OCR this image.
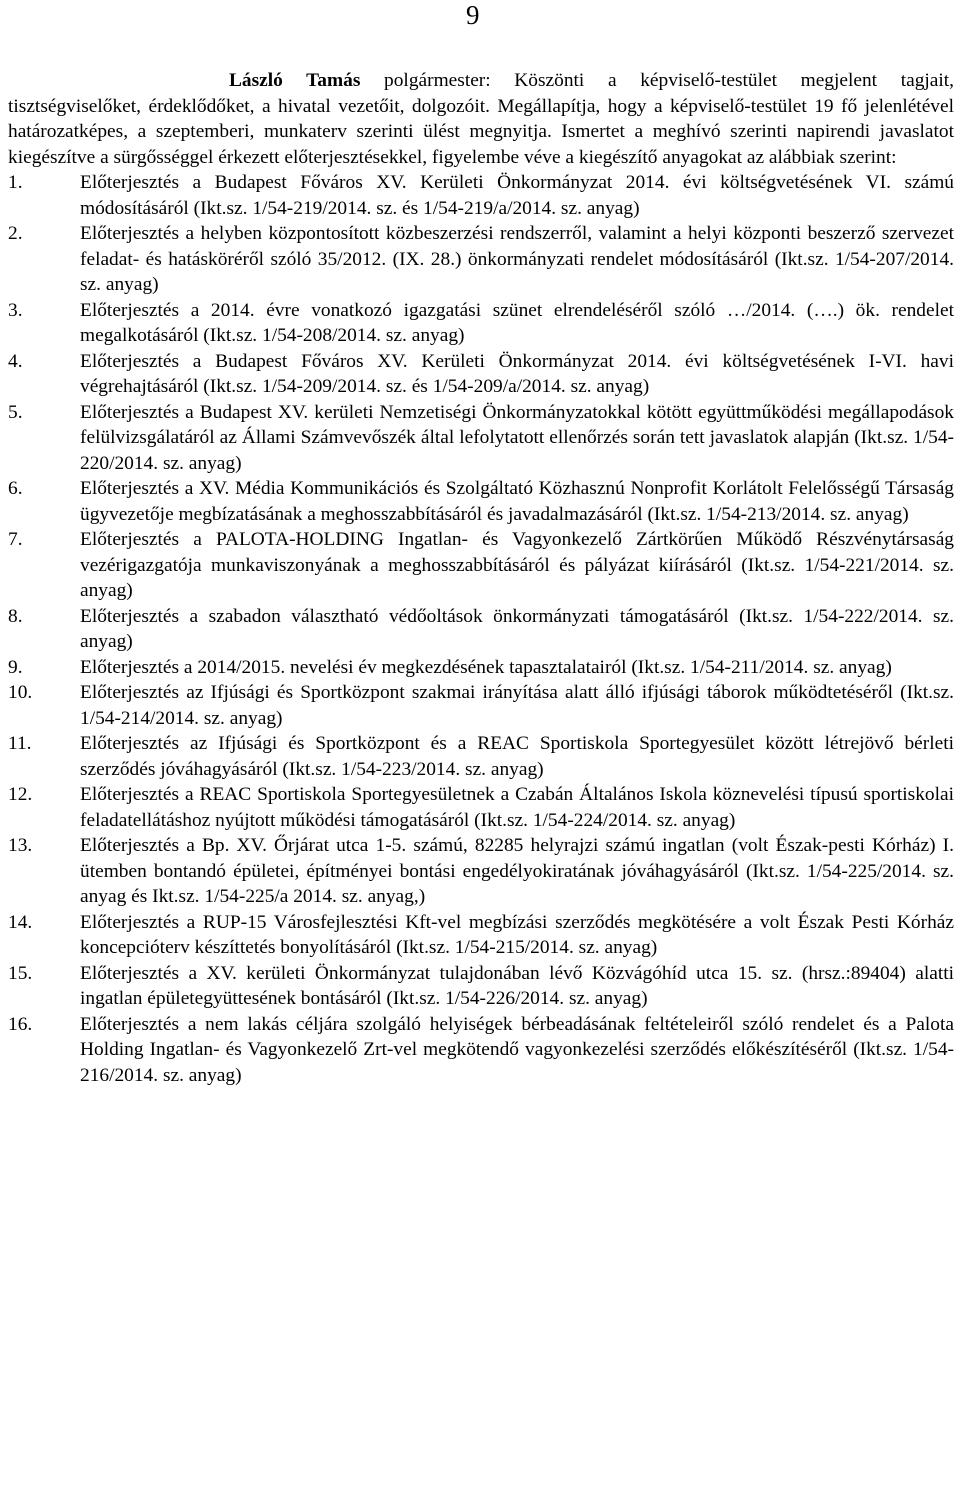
9

László Tamás polgármester: Köszönti a képviselő-testület megjelent tagjait, tisztségviselőket, érdeklődőket, a hivatal vezetőit, dolgozóit. Megállapítja, hogy a képviselő-testület 19 fő jelenlétével határozatképes, a szeptemberi, munkaterv szerinti ülést megnyitja. Ismertet a meghívó szerinti napirendi javaslatot kiegészítve a sürgősséggel érkezett előterjesztésekkel, figyelembe véve a kiegészítő anyagokat az alábbiak szerint:

1.	Előterjesztés a Budapest Főváros XV. Kerületi Önkormányzat 2014. évi költségvetésének VI. számú módosításáról (Ikt.sz. 1/54-219/2014. sz. és 1/54-219/a/2014. sz. anyag)
2.	Előterjesztés a helyben központosított közbeszerzési rendszerről, valamint a helyi központi beszerző szervezet feladat- és hatásköréről szóló 35/2012. (IX. 28.) önkormányzati rendelet módosításáról (Ikt.sz. 1/54-207/2014. sz. anyag)
3.	Előterjesztés a 2014. évre vonatkozó igazgatási szünet elrendeléséről szóló …/2014. (….) ök. rendelet megalkotásáról (Ikt.sz. 1/54-208/2014. sz. anyag)
4.	Előterjesztés a Budapest Főváros XV. Kerületi Önkormányzat 2014. évi költségvetésének I-VI. havi végrehajtásáról (Ikt.sz. 1/54-209/2014. sz. és 1/54-209/a/2014. sz. anyag)
5.	Előterjesztés a Budapest XV. kerületi Nemzetiségi Önkormányzatokkal kötött együttműködési megállapodások felülvizsgálatáról az Állami Számvevőszék által lefolytatott ellenőrzés során tett javaslatok alapján (Ikt.sz. 1/54-220/2014. sz. anyag)
6.	Előterjesztés a XV. Média Kommunikációs és Szolgáltató Közhasznú Nonprofit Korlátolt Felelősségű Társaság ügyvezetője megbízatásának a meghosszabbításáról és javadalmazásáról (Ikt.sz. 1/54-213/2014. sz. anyag)
7.	Előterjesztés a PALOTA-HOLDING Ingatlan- és Vagyonkezelő Zártkörűen Működő Részvénytársaság vezérigazgatója munkaviszonyának a meghosszabbításáról és pályázat kiírásáról (Ikt.sz. 1/54-221/2014. sz. anyag)
8.	Előterjesztés a szabadon választható védőoltások önkormányzati támogatásáról (Ikt.sz. 1/54-222/2014. sz. anyag)
9.	Előterjesztés a 2014/2015. nevelési év megkezdésének tapasztalatairól (Ikt.sz. 1/54-211/2014. sz. anyag)
10.	Előterjesztés az Ifjúsági és Sportközpont szakmai irányítása alatt álló ifjúsági táborok működtetéséről (Ikt.sz. 1/54-214/2014. sz. anyag)
11.	Előterjesztés az Ifjúsági és Sportközpont és a REAC Sportiskola Sportegyesület között létrejövő bérleti szerződés jóváhagyásáról (Ikt.sz. 1/54-223/2014. sz. anyag)
12.	Előterjesztés a REAC Sportiskola Sportegyesületnek a Czabán Általános Iskola köznevelési típusú sportiskolai feladatellátáshoz nyújtott működési támogatásáról (Ikt.sz. 1/54-224/2014. sz. anyag)
13.	Előterjesztés a Bp. XV. Őrjárat utca 1-5. számú, 82285 helyrajzi számú ingatlan (volt Észak-pesti Kórház) I. ütemben bontandó épületei, építményei bontási engedélyokiratának jóváhagyásáról (Ikt.sz. 1/54-225/2014. sz. anyag és Ikt.sz. 1/54-225/a 2014. sz. anyag,)
14.	Előterjesztés a RUP-15 Városfejlesztési Kft-vel megbízási szerződés megkötésére a volt Észak Pesti Kórház koncepcióterv készíttetés bonyolításáról (Ikt.sz. 1/54-215/2014. sz. anyag)
15.	Előterjesztés a XV. kerületi Önkormányzat tulajdonában lévő Közvágóhíd utca 15. sz. (hrsz.:89404) alatti ingatlan épületegyüttesének bontásáról (Ikt.sz. 1/54-226/2014. sz. anyag)
16.	Előterjesztés a nem lakás céljára szolgáló helyiségek bérbeadásának feltételeiről szóló rendelet és a Palota Holding Ingatlan- és Vagyonkezelő Zrt-vel megkötendő vagyonkezelési szerződés előkészítéséről (Ikt.sz. 1/54-216/2014. sz. anyag)
